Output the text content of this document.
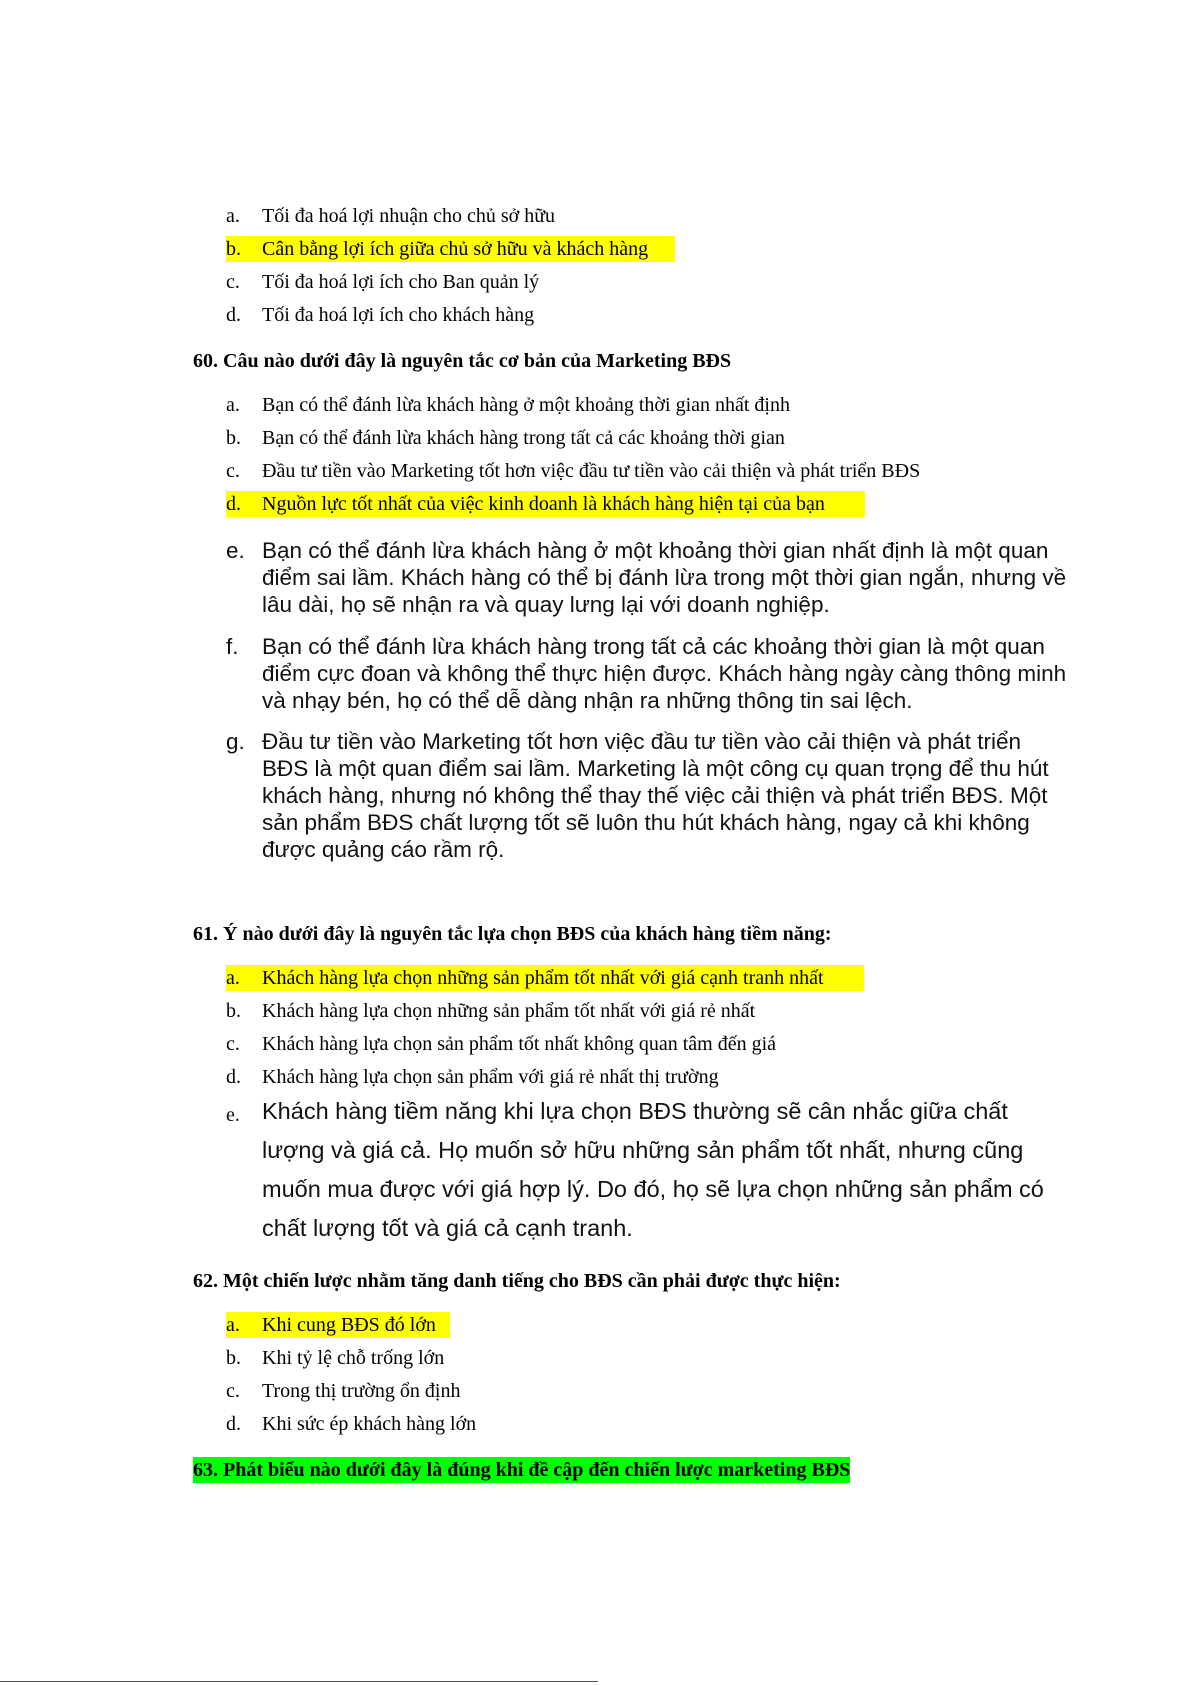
a. Tối đa hoá lợi nhuận cho chủ sở hữu
b. Cân bằng lợi ích giữa chủ sở hữu và khách hàng
c. Tối đa hoá lợi ích cho Ban quản lý
d. Tối đa hoá lợi ích cho khách hàng
60. Câu nào dưới đây là nguyên tắc cơ bản của Marketing BĐS
a. Bạn có thể đánh lừa khách hàng ở một khoảng thời gian nhất định
b. Bạn có thể đánh lừa khách hàng trong tất cả các khoảng thời gian
c. Đầu tư tiền vào Marketing tốt hơn việc đầu tư tiền vào cải thiện và phát triển BĐS
d. Nguồn lực tốt nhất của việc kinh doanh là khách hàng hiện tại của bạn
e. Bạn có thể đánh lừa khách hàng ở một khoảng thời gian nhất định là một quan
điểm sai lầm. Khách hàng có thể bị đánh lừa trong một thời gian ngắn, nhưng về
lâu dài, họ sẽ nhận ra và quay lưng lại với doanh nghiệp.
f. Bạn có thể đánh lừa khách hàng trong tất cả các khoảng thời gian là một quan
điểm cực đoan và không thể thực hiện được. Khách hàng ngày càng thông minh
và nhạy bén, họ có thể dễ dàng nhận ra những thông tin sai lệch.
g. Đầu tư tiền vào Marketing tốt hơn việc đầu tư tiền vào cải thiện và phát triển
BĐS là một quan điểm sai lầm. Marketing là một công cụ quan trọng để thu hút
khách hàng, nhưng nó không thể thay thế việc cải thiện và phát triển BĐS. Một
sản phẩm BĐS chất lượng tốt sẽ luôn thu hút khách hàng, ngay cả khi không
được quảng cáo rầm rộ.
61. Ý nào dưới đây là nguyên tắc lựa chọn BĐS của khách hàng tiềm năng:
a. Khách hàng lựa chọn những sản phẩm tốt nhất với giá cạnh tranh nhất
b. Khách hàng lựa chọn những sản phẩm tốt nhất với giá rẻ nhất
c. Khách hàng lựa chọn sản phẩm tốt nhất không quan tâm đến giá
d. Khách hàng lựa chọn sản phẩm với giá rẻ nhất thị trường
e. Khách hàng tiềm năng khi lựa chọn BĐS thường sẽ cân nhắc giữa chất
lượng và giá cả. Họ muốn sở hữu những sản phẩm tốt nhất, nhưng cũng
muốn mua được với giá hợp lý. Do đó, họ sẽ lựa chọn những sản phẩm có
chất lượng tốt và giá cả cạnh tranh.
62. Một chiến lược nhằm tăng danh tiếng cho BĐS cần phải được thực hiện:
a. Khi cung BĐS đó lớn
b. Khi tỷ lệ chỗ trống lớn
c. Trong thị trường ổn định
d. Khi sức ép khách hàng lớn
63. Phát biểu nào dưới đây là đúng khi đề cập đến chiến lược marketing BĐS
